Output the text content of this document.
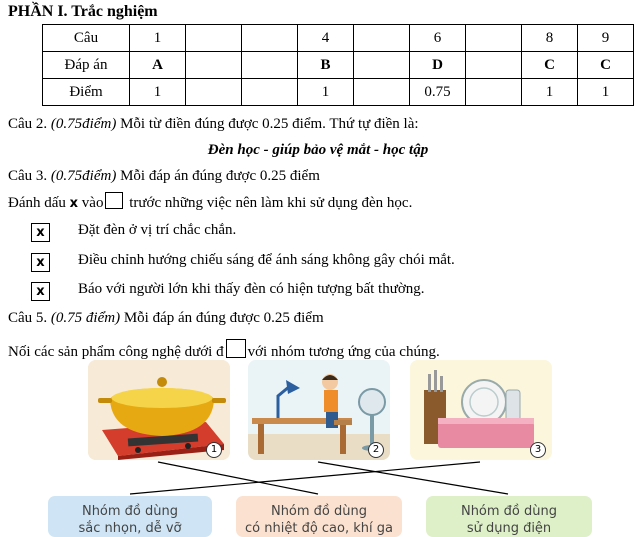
PHẦN I. Trắc nghiệm
Câu	1			4		6		8	9
Đáp án	A			B		D		C	C
Điểm	1			1		0.75		1	1
Câu 2. (0.75điểm) Mỗi từ điền đúng được 0.25 điểm. Thứ tự điền là:
Đèn học - giúp bảo vệ mắt - học tập
Câu 3. (0.75điểm) Mỗi đáp án đúng được 0.25 điểm
Đánh dấu x vào trước những việc nên làm khi sử dụng đèn học.
x	Đặt đèn ở vị trí chắc chắn.
x	Điều chỉnh hướng chiếu sáng để ánh sáng không gây chói mắt.
x	Báo với người lớn khi thấy đèn có hiện tượng bất thường.
Câu 5. (0.75 điểm) Mỗi đáp án đúng được 0.25 điểm
Nối các sản phẩm công nghệ dưới đ với nhóm tương ứng của chúng.
1	2	3
Nhóm đồ dùng
sắc nhọn, dễ vỡ
Nhóm đồ dùng
có nhiệt độ cao, khí ga
Nhóm đồ dùng
sử dụng điện
